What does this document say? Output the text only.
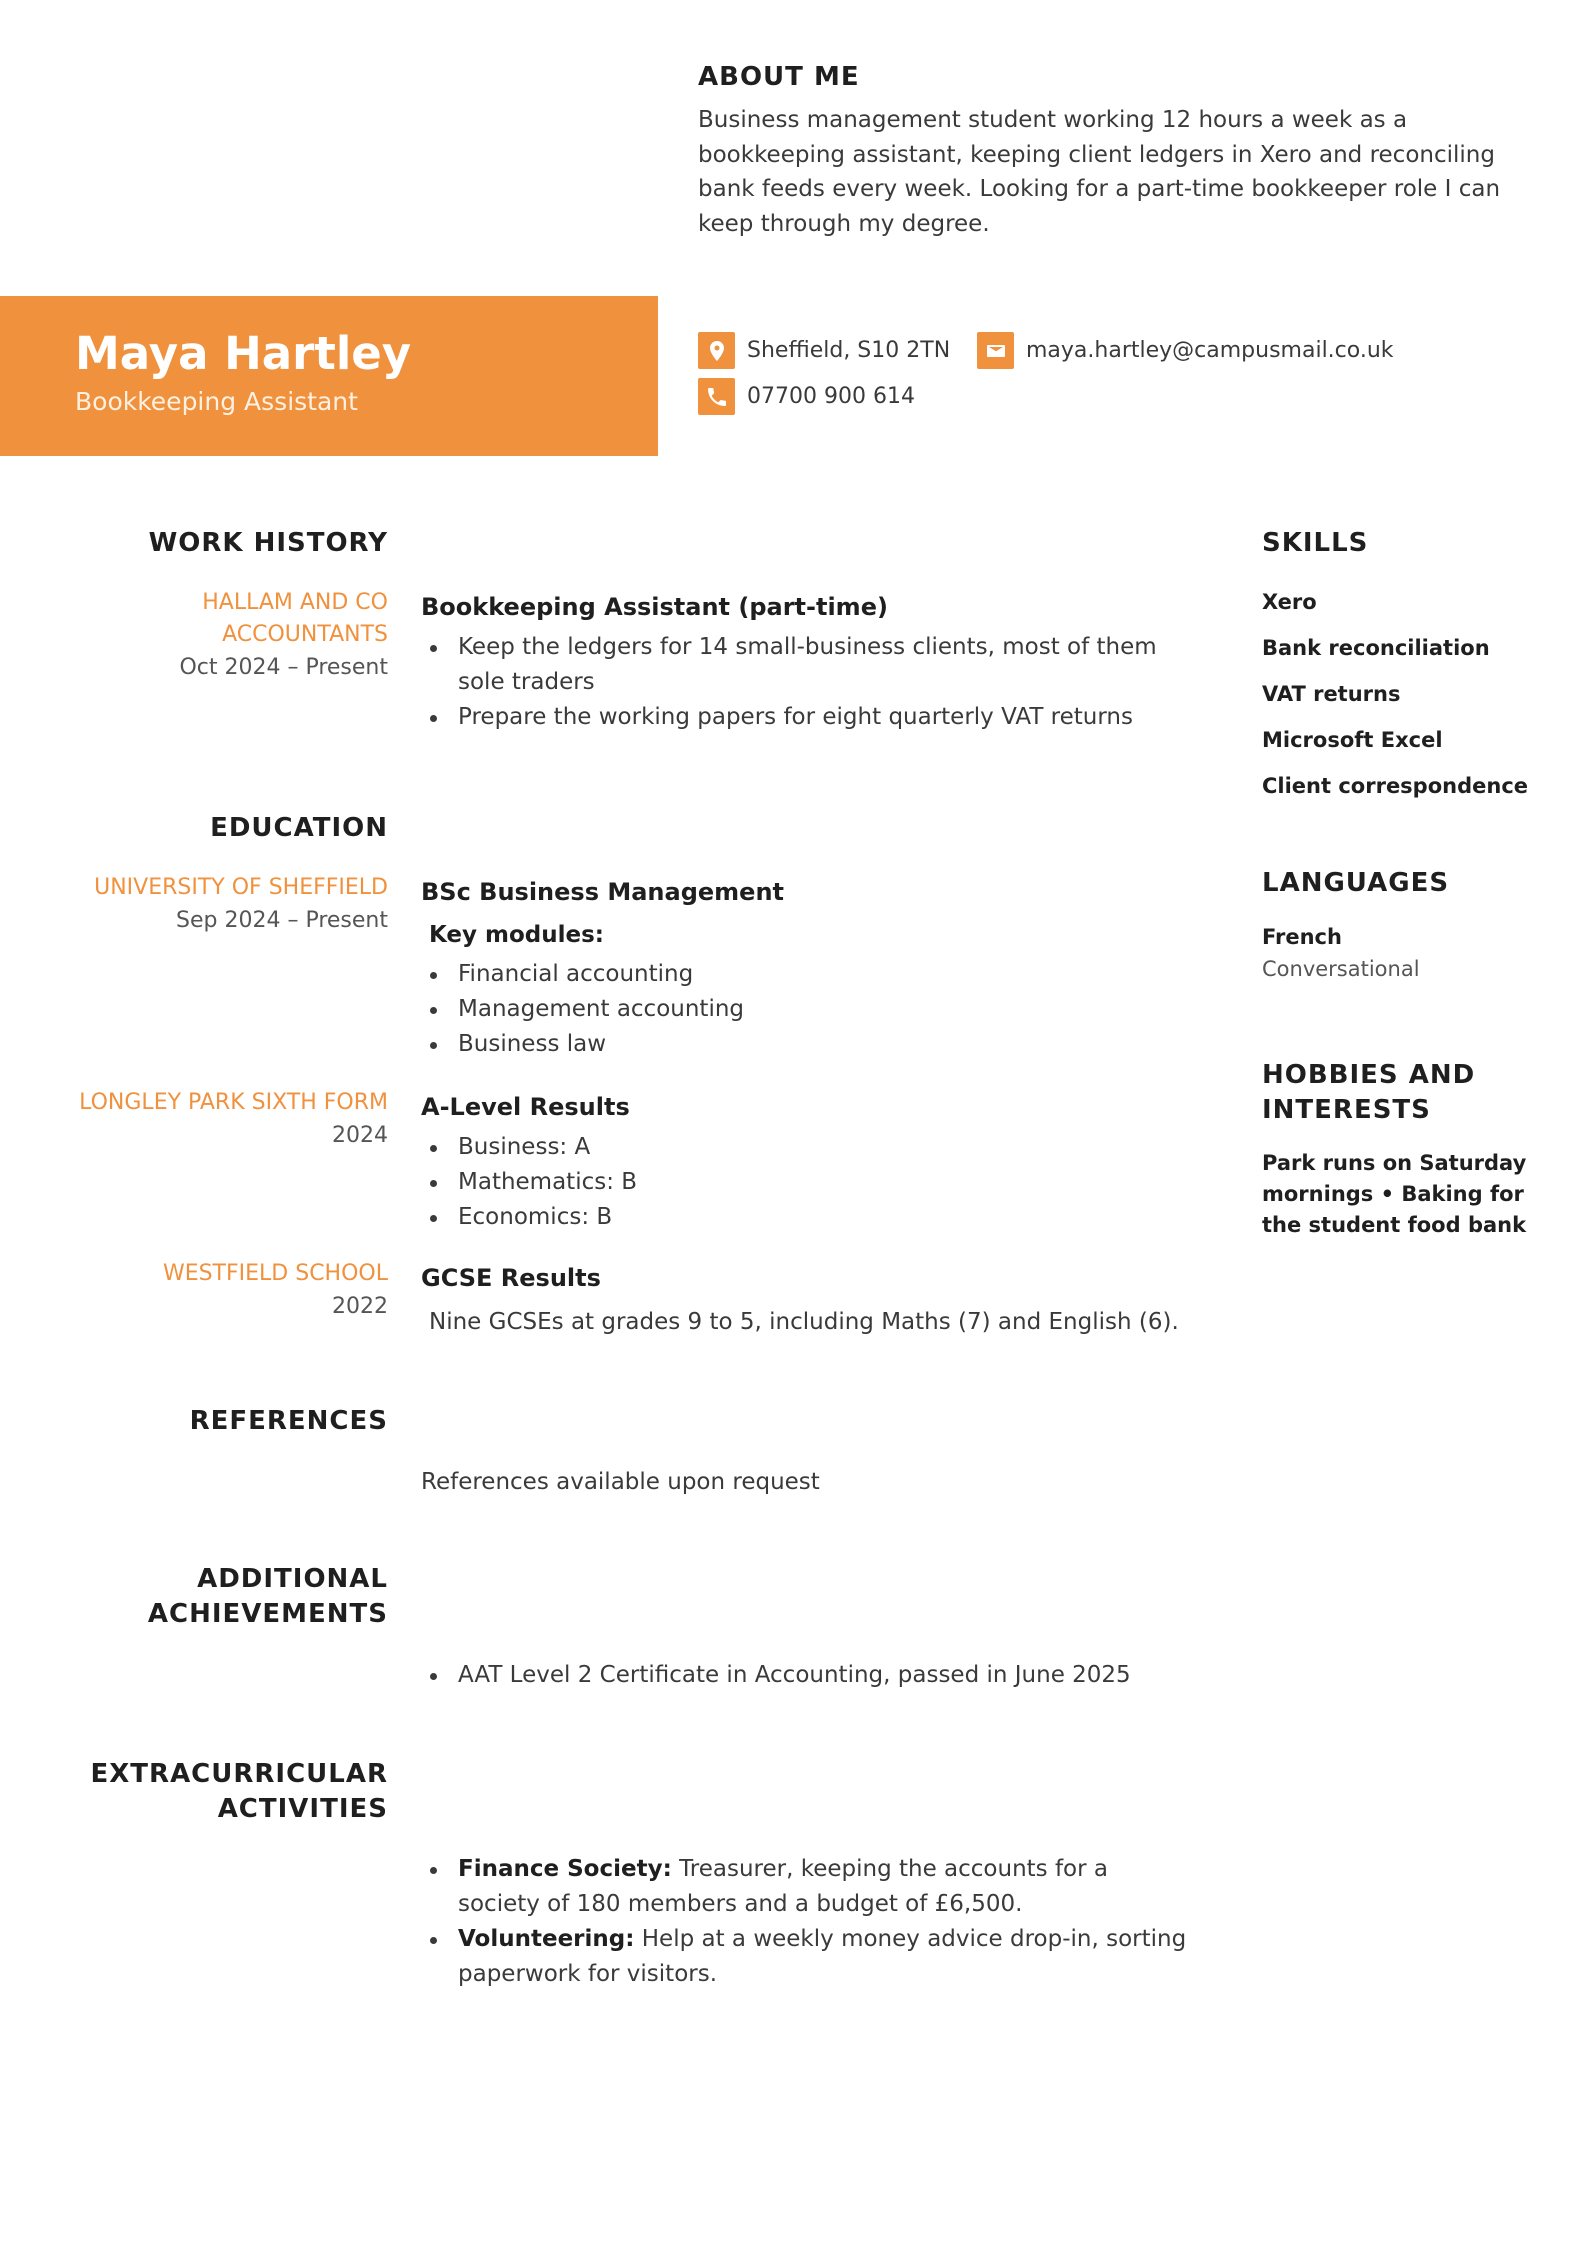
ABOUT ME

Business management student working 12 hours a week as a bookkeeping assistant, keeping client ledgers in Xero and reconciling bank feeds every week. Looking for a part-time bookkeeper role I can keep through my degree.

Maya Hartley
Bookkeeping Assistant
Sheffield, S10 2TN	maya.hartley@campusmail.co.uk
07700 900 614
WORK HISTORY
HALLAM AND CO
ACCOUNTANTS
Oct 2024 – Present
Bookkeeping Assistant (part-time)
Keep the ledgers for 14 small-business clients, most of them sole traders
Prepare the working papers for eight quarterly VAT returns
EDUCATION
UNIVERSITY OF SHEFFIELD
Sep 2024 – Present
BSc Business Management
Key modules:
Financial accounting
Management accounting
Business law
LONGLEY PARK SIXTH FORM
2024
A-Level Results
Business: A
Mathematics: B
Economics: B
WESTFIELD SCHOOL
2022
GCSE Results

Nine GCSEs at grades 9 to 5, including Maths (7) and English (6).

REFERENCES

References available upon request

ADDITIONAL
ACHIEVEMENTS
AAT Level 2 Certificate in Accounting, passed in June 2025
EXTRACURRICULAR
ACTIVITIES
Finance Society: Treasurer, keeping the accounts for a society of 180 members and a budget of £6,500.
Volunteering: Help at a weekly money advice drop-in, sorting paperwork for visitors.
SKILLS
Xero
Bank reconciliation
VAT returns
Microsoft Excel
Client correspondence
LANGUAGES
French
Conversational
HOBBIES AND
INTERESTS

Park runs on Saturday mornings • Baking for the student food bank
